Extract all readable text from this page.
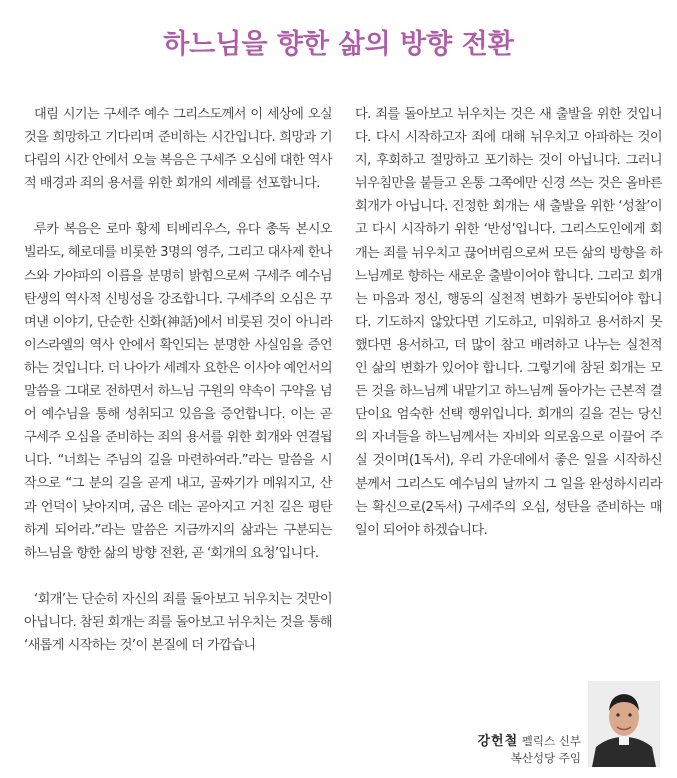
하느님을 향한 삶의 방향 전환

대림 시기는 구세주 예수 그리스도께서 이 세상에 오실 것을 희망하고 기다리며 준비하는 시간입니다. 희망과 기다림의 시간 안에서 오늘 복음은 구세주 오심에 대한 역사적 배경과 죄의 용서를 위한 회개의 세례를 선포합니다.

루카 복음은 로마 황제 티베리우스, 유다 총독 본시오 빌라도, 헤로데를 비롯한 3명의 영주, 그리고 대사제 한나스와 가야파의 이름을 분명히 밝힘으로써 구세주 예수님 탄생의 역사적 신빙성을 강조합니다. 구세주의 오심은 꾸며낸 이야기, 단순한 신화(神話)에서 비롯된 것이 아니라 이스라엘의 역사 안에서 확인되는 분명한 사실임을 증언하는 것입니다. 더 나아가 세례자 요한은 이사야 예언서의 말씀을 그대로 전하면서 하느님 구원의 약속이 구약을 넘어 예수님을 통해 성취되고 있음을 증언합니다. 이는 곧 구세주 오심을 준비하는 죄의 용서를 위한 회개와 연결됩니다. “너희는 주님의 길을 마련하여라.”라는 말씀을 시작으로 “그 분의 길을 곧게 내고, 골짜기가 메워지고, 산과 언덕이 낮아지며, 굽은 데는 곧아지고 거친 길은 평탄하게 되어라.”라는 말씀은 지금까지의 삶과는 구분되는 하느님을 향한 삶의 방향 전환, 곧 ‘회개의 요청’입니다.

‘회개’는 단순히 자신의 죄를 돌아보고 뉘우치는 것만이 아닙니다. 참된 회개는 죄를 돌아보고 뉘우치는 것을 통해 ‘새롭게 시작하는 것’이 본질에 더 가깝습니

다. 죄를 돌아보고 뉘우치는 것은 새 출발을 위한 것입니다. 다시 시작하고자 죄에 대해 뉘우치고 아파하는 것이지, 후회하고 절망하고 포기하는 것이 아닙니다. 그러니 뉘우침만을 붙들고 온통 그쪽에만 신경 쓰는 것은 올바른 회개가 아닙니다. 진정한 회개는 새 출발을 위한 ‘성찰’이고 다시 시작하기 위한 ‘반성’입니다. 그리스도인에게 회개는 죄를 뉘우치고 끊어버림으로써 모든 삶의 방향을 하느님께로 향하는 새로운 출발이어야 합니다. 그리고 회개는 마음과 정신, 행동의 실천적 변화가 동반되어야 합니다. 기도하지 않았다면 기도하고, 미워하고 용서하지 못했다면 용서하고, 더 많이 참고 배려하고 나누는 실천적인 삶의 변화가 있어야 합니다. 그렇기에 참된 회개는 모든 것을 하느님께 내맡기고 하느님께 돌아가는 근본적 결단이요 엄숙한 선택 행위입니다. 회개의 길을 걷는 당신의 자녀들을 하느님께서는 자비와 의로움으로 이끌어 주실 것이며(1독서), 우리 가운데에서 좋은 일을 시작하신 분께서 그리스도 예수님의 날까지 그 일을 완성하시리라는 확신으로(2독서) 구세주의 오심, 성탄을 준비하는 매일이 되어야 하겠습니다.

강헌철 펠릭스 신부
복산성당 주임
